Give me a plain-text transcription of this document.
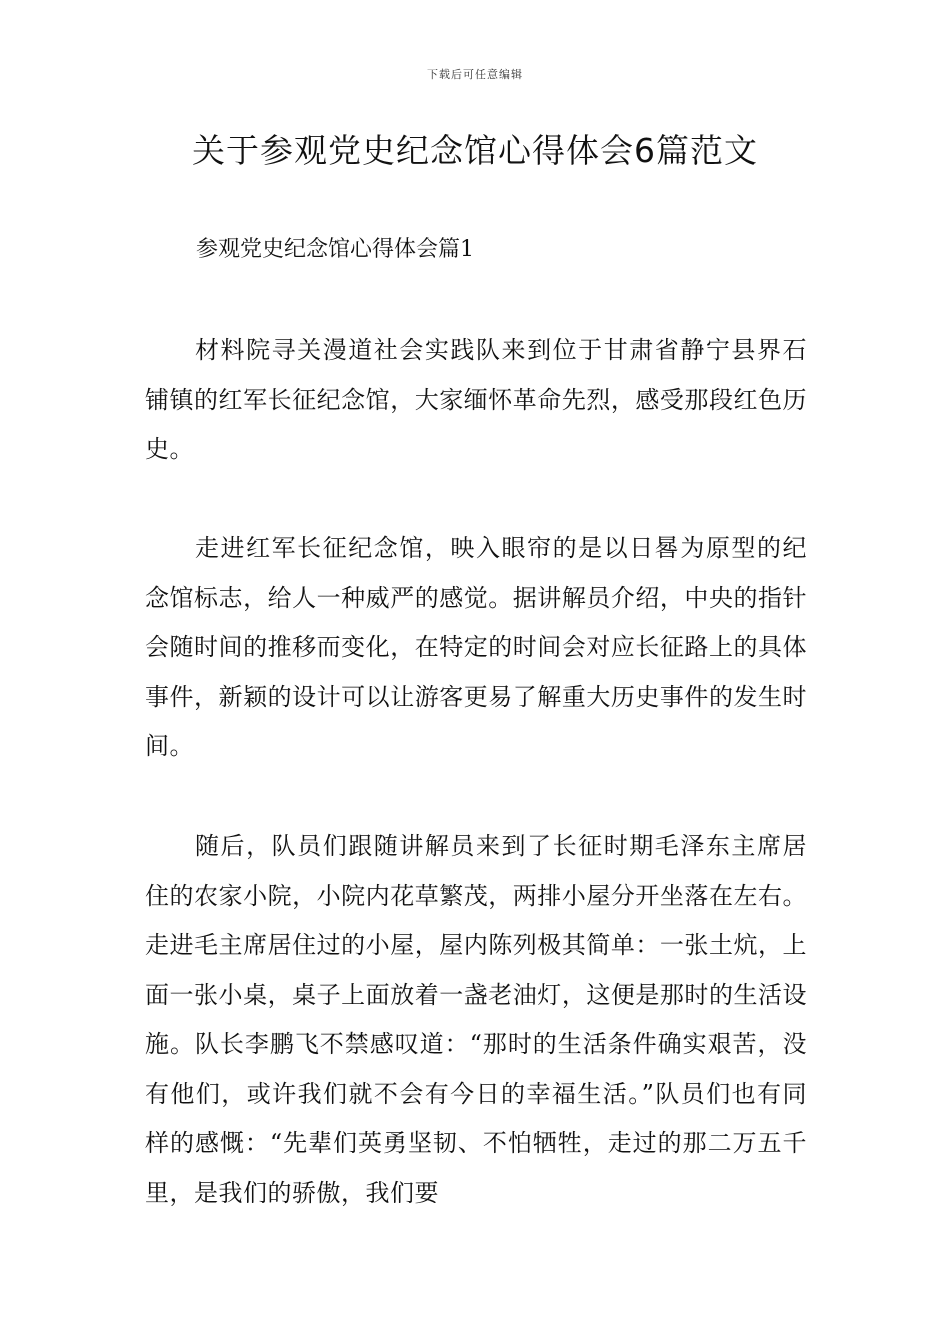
下载后可任意编辑
关于参观党史纪念馆心得体会6篇范文
参观党史纪念馆心得体会篇1

材料院寻关漫道社会实践队来到位于甘肃省静宁县界石铺镇的红军长征纪念馆，大家缅怀革命先烈，感受那段红色历史。

走进红军长征纪念馆，映入眼帘的是以日晷为原型的纪念馆标志，给人一种威严的感觉。据讲解员介绍，中央的指针会随时间的推移而变化，在特定的时间会对应长征路上的具体事件，新颖的设计可以让游客更易了解重大历史事件的发生时间。

随后，队员们跟随讲解员来到了长征时期毛泽东主席居住的农家小院，小院内花草繁茂，两排小屋分开坐落在左右。走进毛主席居住过的小屋，屋内陈列极其简单：一张土炕，上面一张小桌，桌子上面放着一盏老油灯，这便是那时的生活设施。队长李鹏飞不禁感叹道：“那时的生活条件确实艰苦，没有他们，或许我们就不会有今日的幸福生活。”队员们也有同样的感慨：“先辈们英勇坚韧、不怕牺牲，走过的那二万五千里，是我们的骄傲，我们要
